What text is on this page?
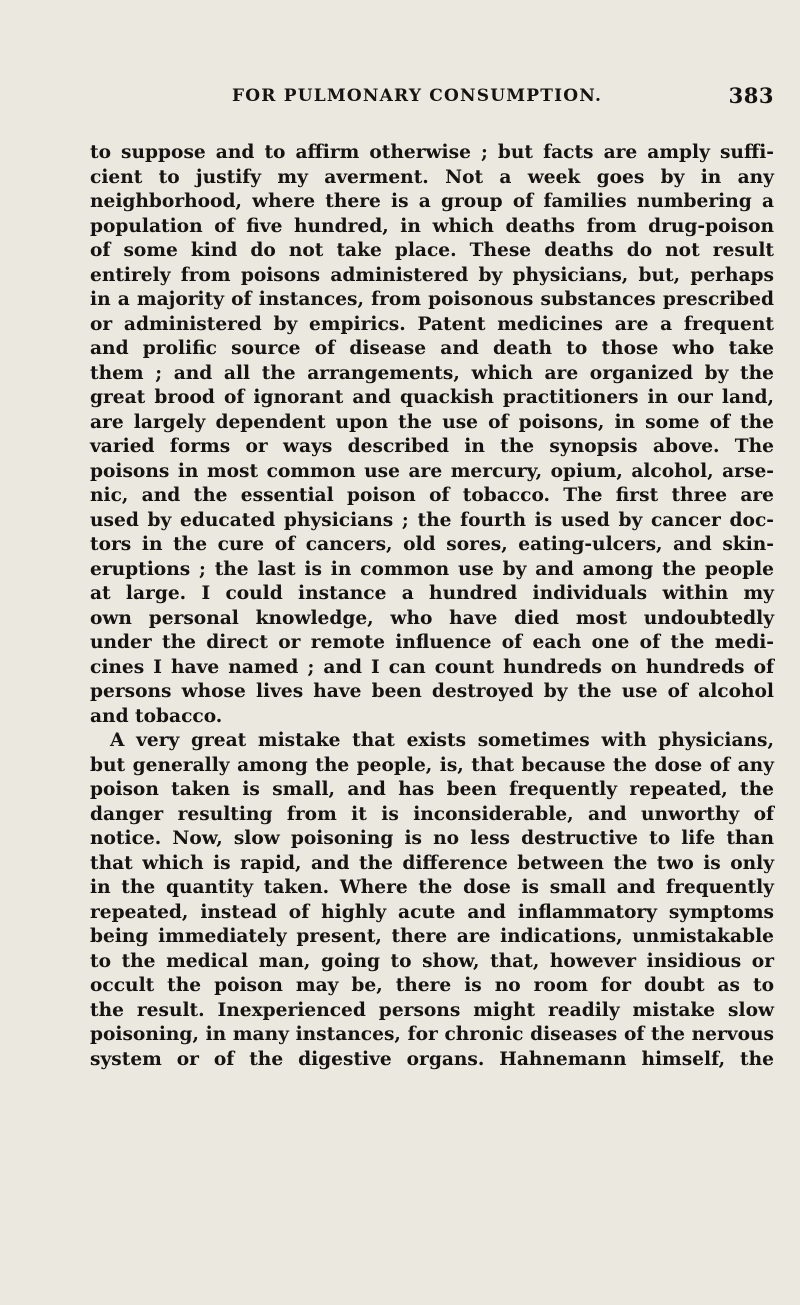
FOR PULMONARY CONSUMPTION.	383
to suppose and to affirm otherwise ; but facts are amply suffi-
cient to justify my averment. Not a week goes by in any
neighborhood, where there is a group of families numbering a
population of five hundred, in which deaths from drug-poison
of some kind do not take place. These deaths do not result
entirely from poisons administered by physicians, but, perhaps
in a majority of instances, from poisonous substances prescribed
or administered by empirics. Patent medicines are a frequent
and prolific source of disease and death to those who take
them ; and all the arrangements, which are organized by the
great brood of ignorant and quackish practitioners in our land,
are largely dependent upon the use of poisons, in some of the
varied forms or ways described in the synopsis above. The
poisons in most common use are mercury, opium, alcohol, arse-
nic, and the essential poison of tobacco. The first three are
used by educated physicians ; the fourth is used by cancer doc-
tors in the cure of cancers, old sores, eating-ulcers, and skin-
eruptions ; the last is in common use by and among the people
at large. I could instance a hundred individuals within my
own personal knowledge, who have died most undoubtedly
under the direct or remote influence of each one of the medi-
cines I have named ; and I can count hundreds on hundreds of
persons whose lives have been destroyed by the use of alcohol
and tobacco.
A very great mistake that exists sometimes with physicians,
but generally among the people, is, that because the dose of any
poison taken is small, and has been frequently repeated, the
danger resulting from it is inconsiderable, and unworthy of
notice. Now, slow poisoning is no less destructive to life than
that which is rapid, and the difference between the two is only
in the quantity taken. Where the dose is small and frequently
repeated, instead of highly acute and inflammatory symptoms
being immediately present, there are indications, unmistakable
to the medical man, going to show, that, however insidious or
occult the poison may be, there is no room for doubt as to
the result. Inexperienced persons might readily mistake slow
poisoning, in many instances, for chronic diseases of the nervous
system or of the digestive organs. Hahnemann himself, the
